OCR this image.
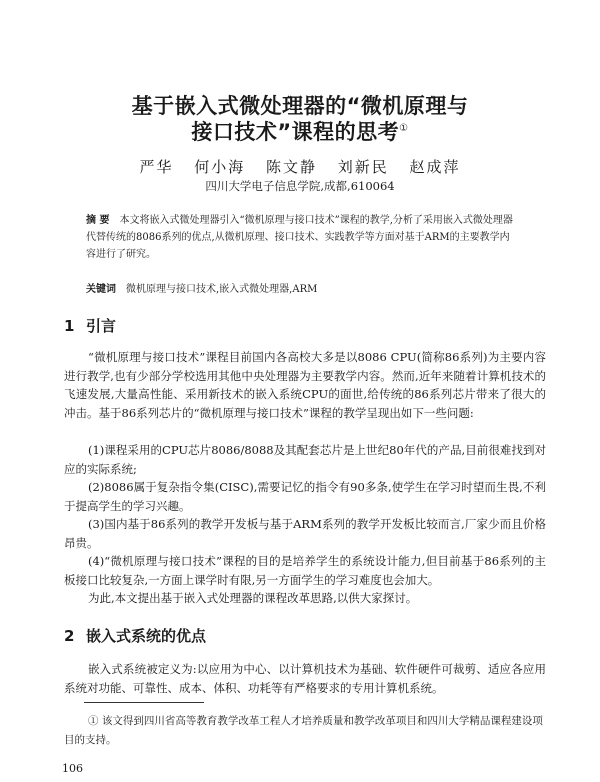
基于嵌入式微处理器的“微机原理与
接口技术”课程的思考①
严华 何小海 陈文静 刘新民 赵成萍
四川大学电子信息学院,成都,610064
摘 要 本文将嵌入式微处理器引入“微机原理与接口技术”课程的教学,分析了采用嵌入式微处理器代替传统的8086系列的优点,从微机原理、接口技术、实践教学等方面对基于ARM的主要教学内容进行了研究。
关键词 微机原理与接口技术,嵌入式微处理器,ARM
1 引言

“微机原理与接口技术”课程目前国内各高校大多是以8086 CPU(简称86系列)为主要内容进行教学,也有少部分学校选用其他中央处理器为主要教学内容。然而,近年来随着计算机技术的飞速发展,大量高性能、采用新技术的嵌入系统CPU的面世,给传统的86系列芯片带来了很大的冲击。基于86系列芯片的“微机原理与接口技术”课程的教学呈现出如下一些问题:

(1)课程采用的CPU芯片8086/8088及其配套芯片是上世纪80年代的产品,目前很难找到对应的实际系统;

(2)8086属于复杂指令集(CISC),需要记忆的指令有90多条,使学生在学习时望而生畏,不利于提高学生的学习兴趣。

(3)国内基于86系列的教学开发板与基于ARM系列的教学开发板比较而言,厂家少而且价格昂贵。

(4)“微机原理与接口技术”课程的目的是培养学生的系统设计能力,但目前基于86系列的主板接口比较复杂,一方面上课学时有限,另一方面学生的学习难度也会加大。

为此,本文提出基于嵌入式处理器的课程改革思路,以供大家探讨。

2 嵌入式系统的优点

嵌入式系统被定义为:以应用为中心、以计算机技术为基础、软件硬件可裁剪、适应各应用系统对功能、可靠性、成本、体积、功耗等有严格要求的专用计算机系统。

① 该文得到四川省高等教育教学改革工程人才培养质量和教学改革项目和四川大学精品课程建设项目的支持。

106
